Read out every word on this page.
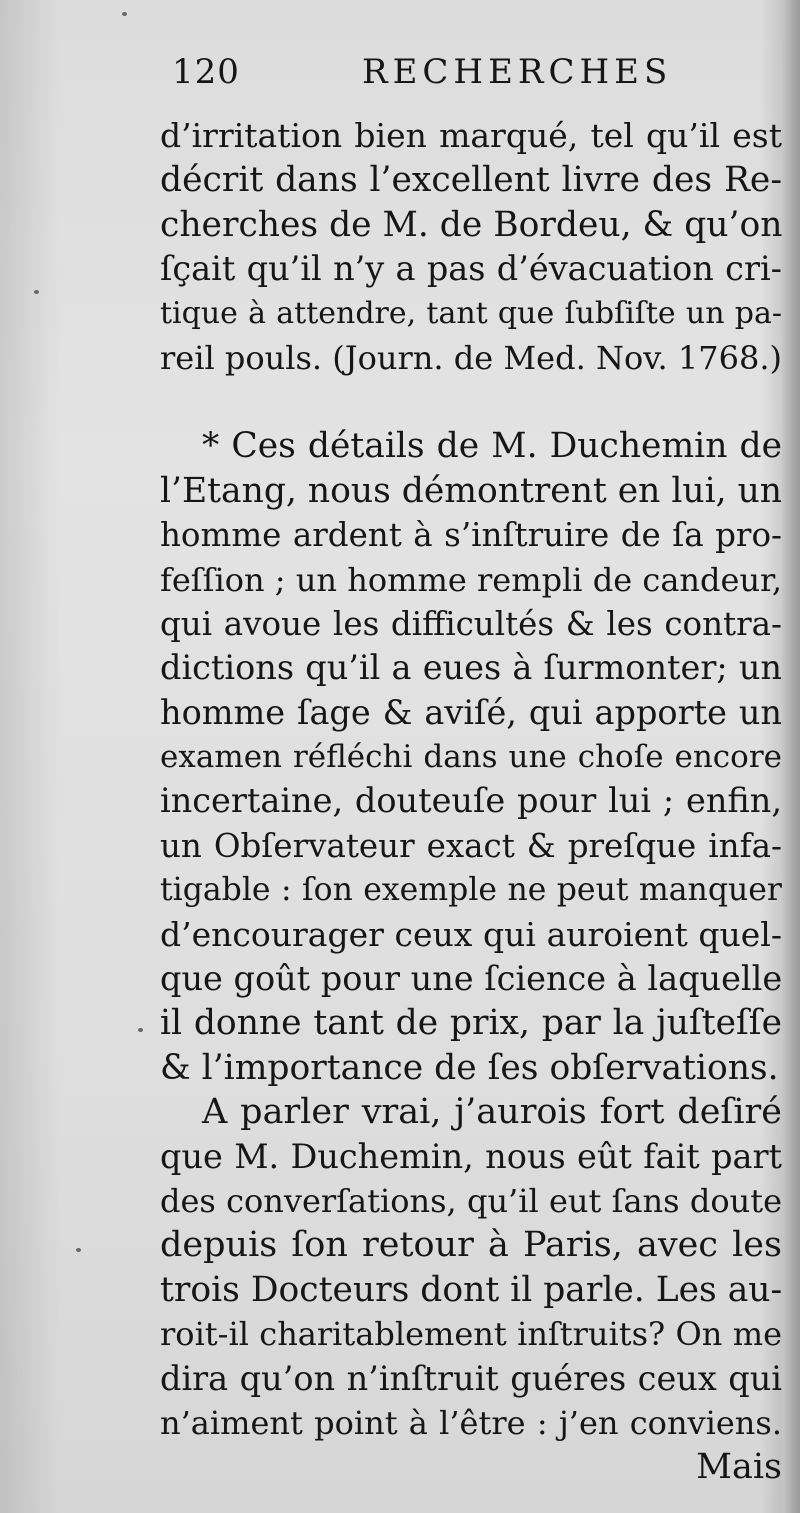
120	RECHERCHES
d’irritation bien marqué, tel qu’il est
décrit dans l’excellent livre des Re-
cherches de M. de Bordeu, & qu’on
ſçait qu’il n’y a pas d’évacuation cri-
tique à attendre, tant que ſubſiſte un pa-
reil pouls. (Journ. de Med. Nov. 1768.)
* Ces détails de M. Duchemin de
l’Etang, nous démontrent en lui, un
homme ardent à s’inſtruire de ſa pro-
feſſion ; un homme rempli de candeur,
qui avoue les difficultés & les contra-
dictions qu’il a eues à ſurmonter; un
homme ſage & aviſé, qui apporte un
examen réfléchi dans une choſe encore
incertaine, douteuſe pour lui ; enfin,
un Obſervateur exact & preſque infa-
tigable : ſon exemple ne peut manquer
d’encourager ceux qui auroient quel-
que goût pour une ſcience à laquelle
il donne tant de prix, par la juſteſſe
& l’importance de ſes obſervations.
A parler vrai, j’aurois fort deſiré
que M. Duchemin, nous eût fait part
des converſations, qu’il eut ſans doute
depuis ſon retour à Paris, avec les
trois Docteurs dont il parle. Les au-
roit-il charitablement inſtruits? On me
dira qu’on n’inſtruit guéres ceux qui
n’aiment point à l’être : j’en conviens.
Mais
